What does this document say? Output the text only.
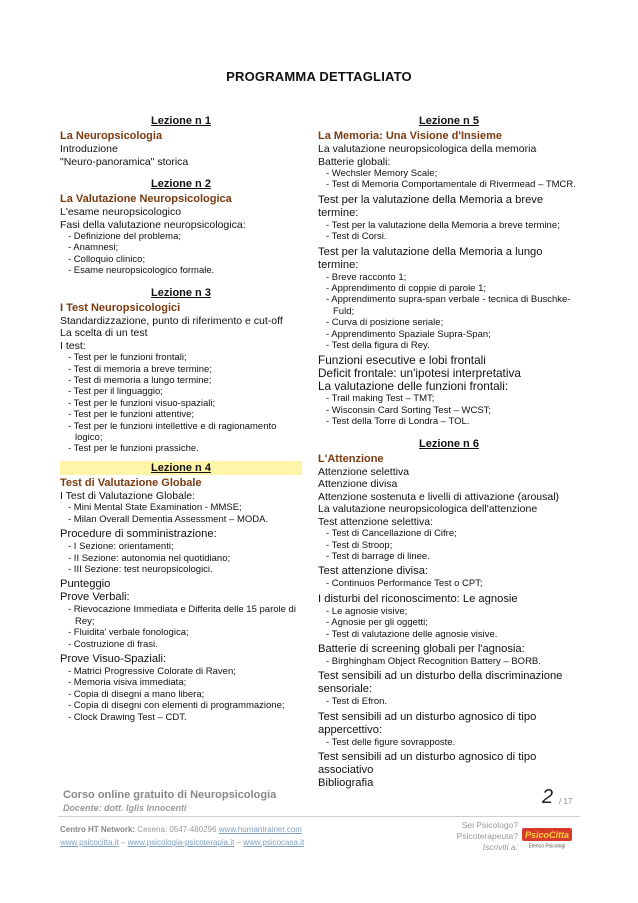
PROGRAMMA DETTAGLIATO
Lezione n 1
La Neuropsicologia
Introduzione
"Neuro-panoramica" storica
Lezione n 2
La Valutazione Neuropsicologica
L'esame neuropsicologico
Fasi della valutazione neuropsicologica:
- Definizione del problema;
- Anamnesi;
- Colloquio clinico;
- Esame neuropsicologico formale.
Lezione n 3
I Test Neuropsicologici
Standardizzazione, punto di riferimento e cut-off
La scelta di un test
I test:
- Test per le funzioni frontali;
- Test di memoria a breve termine;
- Test di memoria a lungo termine;
- Test per il linguaggio;
- Test per le funzioni visuo-spaziali;
- Test per le funzioni attentive;
- Test per le funzioni intellettive e di ragionamento logico;
- Test per le funzioni prassiche.
Lezione n 4
Test di Valutazione Globale
I Test di Valutazione Globale:
- Mini Mental State Examination - MMSE;
- Milan Overall Dementia Assessment – MODA.
Procedure di somministrazione:
- I Sezione: orientamenti;
- II Sezione: autonomia nel quotidiano;
- III Sezione: test neuropsicologici.
Punteggio
Prove Verbali:
- Rievocazione Immediata e Differita delle 15 parole di Rey;
- Fluidita' verbale fonologica;
- Costruzione di frasi.
Prove Visuo-Spaziali:
- Matrici Progressive Colorate di Raven;
- Memoria visiva immediata;
- Copia di disegni a mano libera;
- Copia di disegni con elementi di programmazione;
- Clock Drawing Test – CDT.
Lezione n 5
La Memoria: Una Visione d'Insieme
La valutazione neuropsicologica della memoria
Batterie globali:
- Wechsler Memory Scale;
- Test di Memoria Comportamentale di Rivermead – TMCR.
Test per la valutazione della Memoria a breve termine:
- Test per la valutazione della Memoria a breve termine;
- Test di Corsi.
Test per la valutazione della Memoria a lungo termine:
- Breve racconto 1;
- Apprendimento di coppie di parole 1;
- Apprendimento supra-span verbale - tecnica di Buschke-Fuld;
- Curva di posizione seriale;
- Apprendimento Spaziale Supra-Span;
- Test della figura di Rey.
Funzioni esecutive e lobi frontali
Deficit frontale: un'ipotesi interpretativa
La valutazione delle funzioni frontali:
- Trail making Test – TMT;
- Wisconsin Card Sorting Test – WCST;
- Test della Torre di Londra – TOL.
Lezione n 6
L'Attenzione
Attenzione selettiva
Attenzione divisa
Attenzione sostenuta e livelli di attivazione (arousal)
La valutazione neuropsicologica dell'attenzione
Test attenzione selettiva:
- Test di Cancellazione di Cifre;
- Test di Stroop;
- Test di barrage di linee.
Test attenzione divisa:
- Continuos Performance Test o CPT;
I disturbi del riconoscimento: Le agnosie
- Le agnosie visive;
- Agnosie per gli oggetti;
- Test di valutazione delle agnosie visive.
Batterie di screening globali per l'agnosia:
- Birghingham Object Recognition Battery – BORB.
Test sensibili ad un disturbo della discriminazione sensoriale:
- Test di Efron.
Test sensibili ad un disturbo agnosico di tipo appercettivo:
- Test delle figure sovrapposte.
Test sensibili ad un disturbo agnosico di tipo associativo
Bibliografia
Corso online gratuito di Neuropsicologia
Docente: dott. Iglis Innocenti	2 / 17
Centro HT Network: Cesena: 0547-480296 www.humantrainer.com
www.psicocitta.it – www.psicologia-psicoterapia.it – www.psicocasa.it
Sei Psicologo?
Psicoterapeuta?
Iscriviti a:
PsicoCitta
Elenco Psicologi
